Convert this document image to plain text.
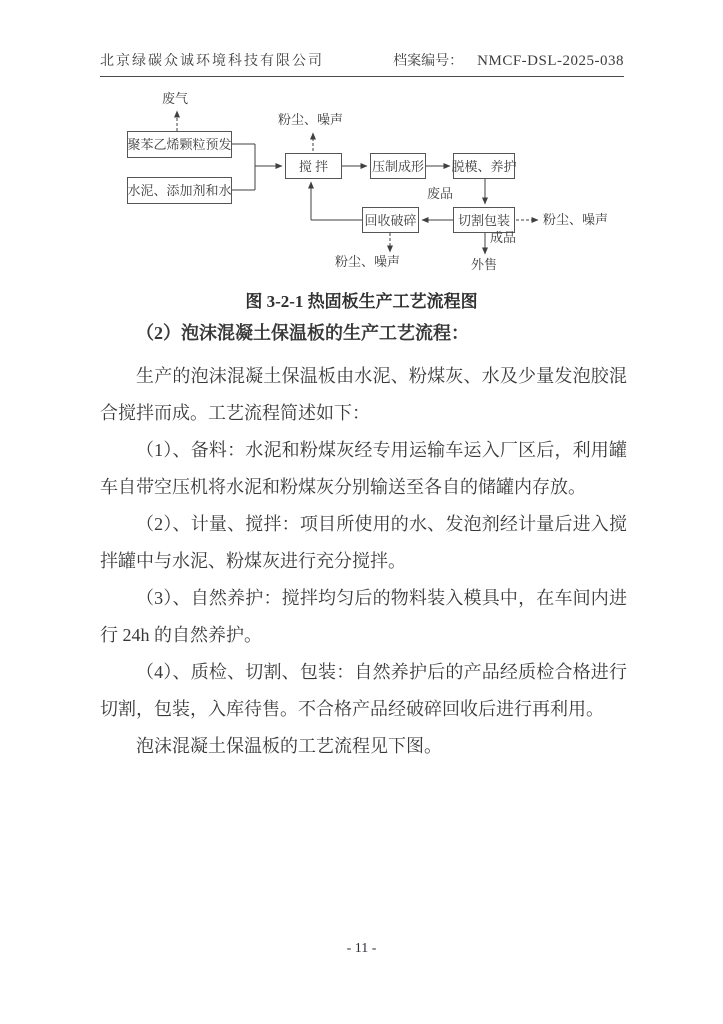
北京绿碳众诚环境科技有限公司	档案编号： NMCF-DSL-2025-038
聚苯乙烯颗粒预发
水泥、添加剂和水
搅 拌	压制成形 脱模、养护
回收破碎	切割包装
废气
粉尘、噪声
废品
粉尘、噪声
成品
外售
粉尘、噪声
图 3-2-1 热固板生产工艺流程图

（2）泡沫混凝土保温板的生产工艺流程：

生产的泡沫混凝土保温板由水泥、粉煤灰、水及少量发泡胶混合搅拌而成。工艺流程简述如下：

（1）、备料：水泥和粉煤灰经专用运输车运入厂区后，利用罐车自带空压机将水泥和粉煤灰分别输送至各自的储罐内存放。

（2）、计量、搅拌：项目所使用的水、发泡剂经计量后进入搅拌罐中与水泥、粉煤灰进行充分搅拌。

（3）、自然养护：搅拌均匀后的物料装入模具中，在车间内进行 24h 的自然养护。

（4）、质检、切割、包装：自然养护后的产品经质检合格进行切割，包装，入库待售。不合格产品经破碎回收后进行再利用。

泡沫混凝土保温板的工艺流程见下图。

- 11 -
